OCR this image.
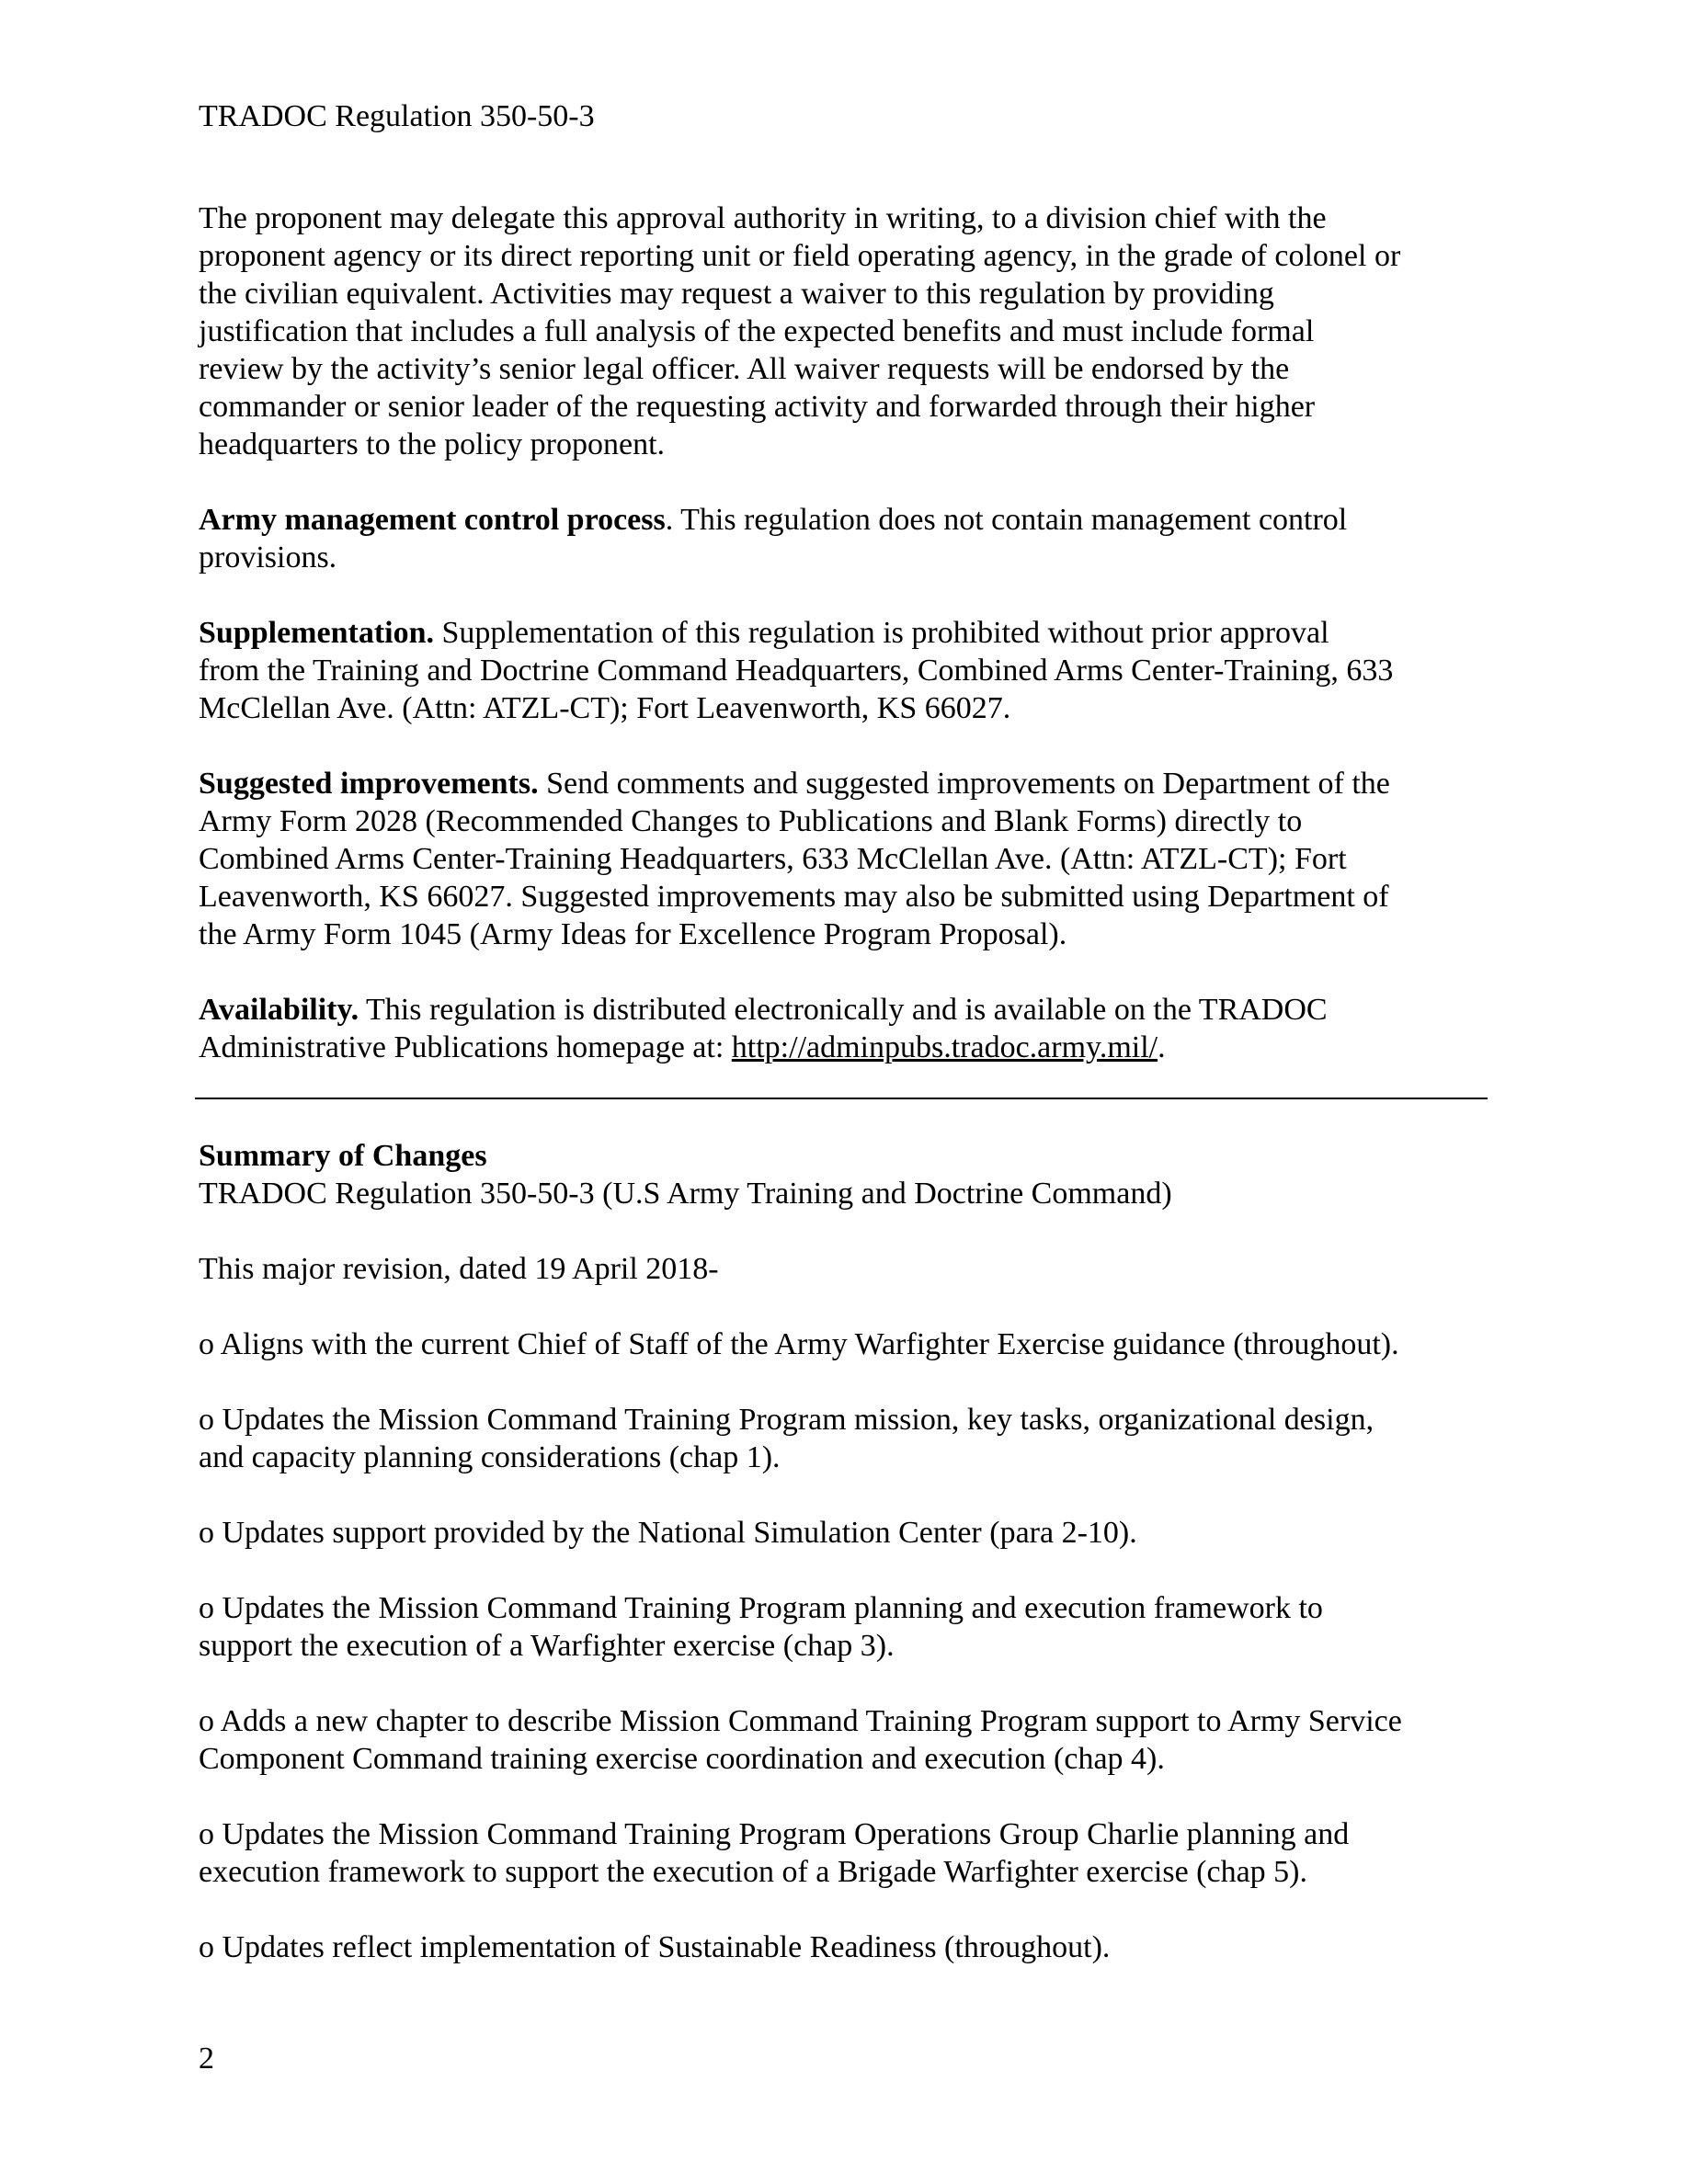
TRADOC Regulation 350-50-3

The proponent may delegate this approval authority in writing, to a division chief with the

proponent agency or its direct reporting unit or field operating agency, in the grade of colonel or

the civilian equivalent. Activities may request a waiver to this regulation by providing

justification that includes a full analysis of the expected benefits and must include formal

review by the activity’s senior legal officer. All waiver requests will be endorsed by the

commander or senior leader of the requesting activity and forwarded through their higher

headquarters to the policy proponent.

Army management control process. This regulation does not contain management control

provisions.

Supplementation. Supplementation of this regulation is prohibited without prior approval

from the Training and Doctrine Command Headquarters, Combined Arms Center-Training, 633

McClellan Ave. (Attn: ATZL-CT); Fort Leavenworth, KS 66027.

Suggested improvements. Send comments and suggested improvements on Department of the

Army Form 2028 (Recommended Changes to Publications and Blank Forms) directly to

Combined Arms Center-Training Headquarters, 633 McClellan Ave. (Attn: ATZL-CT); Fort

Leavenworth, KS 66027. Suggested improvements may also be submitted using Department of

the Army Form 1045 (Army Ideas for Excellence Program Proposal).

Availability. This regulation is distributed electronically and is available on the TRADOC

Administrative Publications homepage at: http://adminpubs.tradoc.army.mil/.

Summary of Changes

TRADOC Regulation 350-50-3 (U.S Army Training and Doctrine Command)

This major revision, dated 19 April 2018-

o Aligns with the current Chief of Staff of the Army Warfighter Exercise guidance (throughout).

o Updates the Mission Command Training Program mission, key tasks, organizational design,

and capacity planning considerations (chap 1).

o Updates support provided by the National Simulation Center (para 2-10).

o Updates the Mission Command Training Program planning and execution framework to

support the execution of a Warfighter exercise (chap 3).

o Adds a new chapter to describe Mission Command Training Program support to Army Service

Component Command training exercise coordination and execution (chap 4).

o Updates the Mission Command Training Program Operations Group Charlie planning and

execution framework to support the execution of a Brigade Warfighter exercise (chap 5).

o Updates reflect implementation of Sustainable Readiness (throughout).

2
